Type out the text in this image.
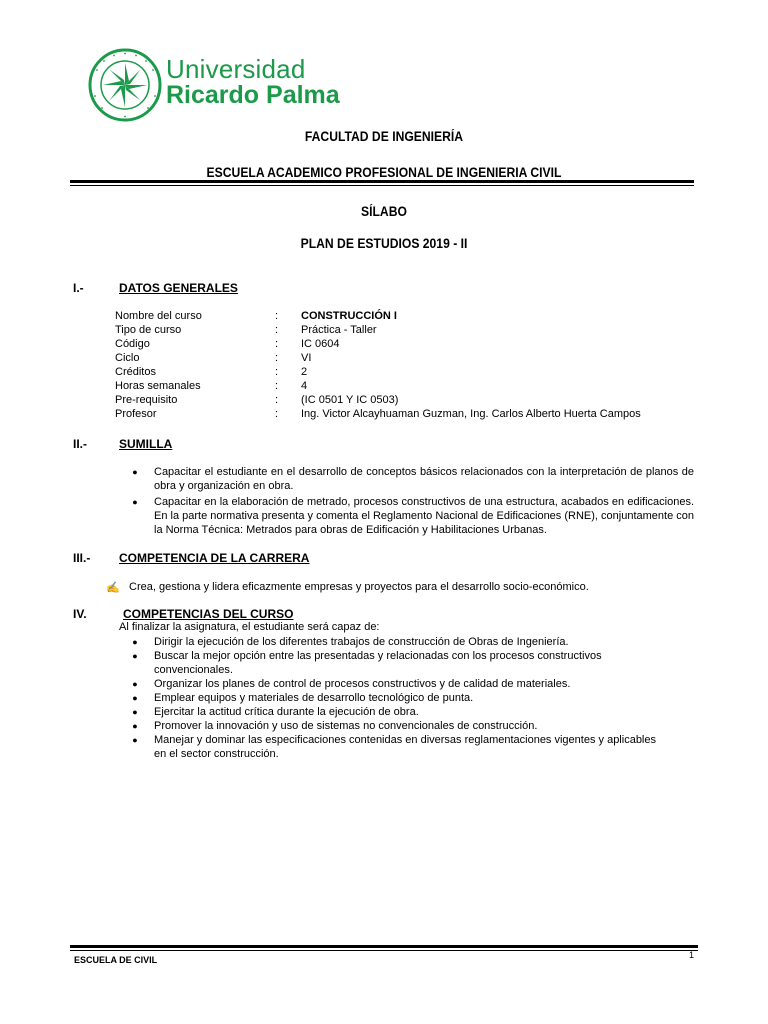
Universidad
Ricardo Palma
FACULTAD DE INGENIERÍA
ESCUELA ACADEMICO PROFESIONAL DE INGENIERIA CIVIL
SÍLABO
PLAN DE ESTUDIOS 2019 - II
I.-	DATOS GENERALES
Nombre del curso	:	CONSTRUCCIÓN I
Tipo de curso	:	Práctica - Taller
Código	:	IC 0604
Ciclo	:	VI
Créditos	:	2
Horas semanales	:	4
Pre-requisito	:	(IC 0501 Y IC 0503)
Profesor	:	Ing. Victor Alcayhuaman Guzman, Ing. Carlos Alberto Huerta Campos
II.-	SUMILLA
● Capacitar el estudiante en el desarrollo de conceptos básicos relacionados con la interpretación de planos de obra y organización en obra.
● Capacitar en la elaboración de metrado, procesos constructivos de una estructura, acabados en edificaciones. En la parte normativa presenta y comenta el Reglamento Nacional de Edificaciones (RNE), conjuntamente con la Norma Técnica: Metrados para obras de Edificación y Habilitaciones Urbanas.
III.- COMPETENCIA DE LA CARRERA
✍ Crea, gestiona y lidera eficazmente empresas y proyectos para el desarrollo socio-económico.
IV.	COMPETENCIAS DEL CURSO
Al finalizar la asignatura, el estudiante será capaz de:
● Dirigir la ejecución de los diferentes trabajos de construcción de Obras de Ingeniería.
● Buscar la mejor opción entre las presentadas y relacionadas con los procesos constructivos convencionales.
● Organizar los planes de control de procesos constructivos y de calidad de materiales.
● Emplear equipos y materiales de desarrollo tecnológico de punta.
● Ejercitar la actitud crítica durante la ejecución de obra.
● Promover la innovación y uso de sistemas no convencionales de construcción.
● Manejar y dominar las especificaciones contenidas en diversas reglamentaciones vigentes y aplicables en el sector construcción.
ESCUELA DE CIVIL	1
